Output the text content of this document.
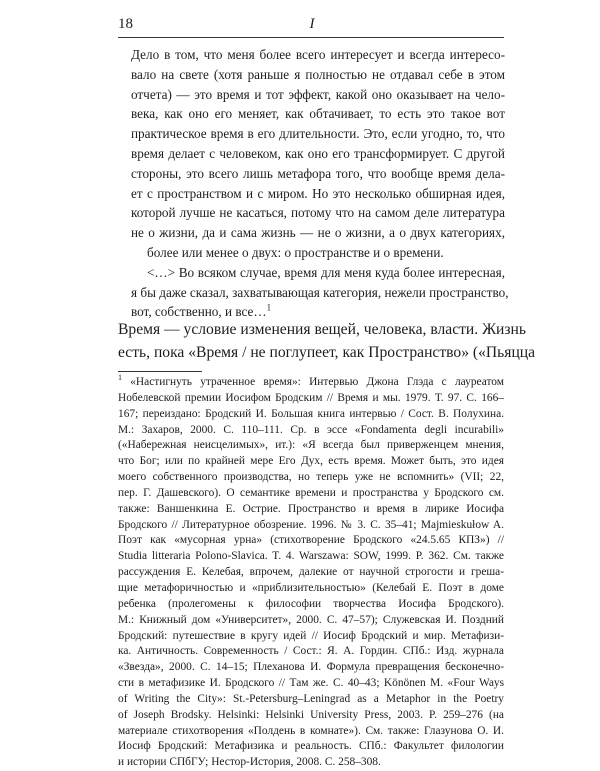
18	I

Дело в том, что меня более всего интересует и всегда интересо-
вало на свете (хотя раньше я полностью не отдавал себе в этом
отчета) — это время и тот эффект, какой оно оказывает на чело-
века, как оно его меняет, как обтачивает, то есть это такое вот
практическое время в его длительности. Это, если угодно, то, что
время делает с человеком, как оно его трансформирует. С другой
стороны, это всего лишь метафора того, что вообще время дела-
ет с пространством и с миром. Но это несколько обширная идея,
которой лучше не касаться, потому что на самом деле литература
не о жизни, да и сама жизнь — не о жизни, а о двух категориях,
более или менее о двух: о пространстве и о времени.

<…> Во всяком случае, время для меня куда более интересная,
я бы даже сказал, захватывающая категория, нежели пространство,
вот, собственно, и все…$^1$

Время — условие изменения вещей, человека, власти. Жизнь
есть, пока «Время / не поглупеет, как Пространство» («Пьяцца
$^1$ «Настигнуть утраченное время»: Интервью Джона Глэда с лауреатом
Нобелевской премии Иосифом Бродским // Время и мы. 1979. Т. 97. С. 166–
167; переиздано: Бродский И. Большая книга интервью / Сост. В. Полухина.
М.: Захаров, 2000. С. 110–111. Ср. в эссе «Fondamenta degli incurabili»
(«Набережная неисцелимых», ит.): «Я всегда был приверженцем мнения,
что Бог; или по крайней мере Его Дух, есть время. Может быть, это идея
моего собственного производства, но теперь уже не вспомнить» (VII; 22,
пер. Г. Дашевского). О семантике времени и пространства у Бродского см.
также: Ваншенкина Е. Острие. Пространство и время в лирике Иосифа
Бродского // Литературное обозрение. 1996. № 3. С. 35–41; Majmieskułow A.
Поэт как «мусорная урна» (стихотворение Бродского «24.5.65 КПЗ») //
Studia litteraria Polono-Slavica. T. 4. Warszawa: SOW, 1999. P. 362. См. также
рассуждения Е. Келебая, впрочем, далекие от научной строгости и греша-
щие метафоричностью и «приблизительностью» (Келебай Е. Поэт в доме
ребенка (пролегомены к философии творчества Иосифа Бродского).
М.: Книжный дом «Университет», 2000. С. 47–57); Служевская И. Поздний
Бродский: путешествие в кругу идей // Иосиф Бродский и мир. Метафизи-
ка. Античность. Современность / Сост.: Я. А. Гордин. СПб.: Изд. журнала
«Звезда», 2000. С. 14–15; Плеханова И. Формула превращения бесконечно-
сти в метафизике И. Бродского // Там же. С. 40–43; Könönen M. «Four Ways
of Writing the City»: St.-Petersburg–Leningrad as a Metaphor in the Poetry
of Joseph Brodsky. Helsinki: Helsinki University Press, 2003. P. 259–276 (на
материале стихотворения «Полдень в комнате»). См. также: Глазунова О. И.
Иосиф Бродский: Метафизика и реальность. СПб.: Факультет филологии
и истории СПбГУ; Нестор-История, 2008. С. 258–308.
